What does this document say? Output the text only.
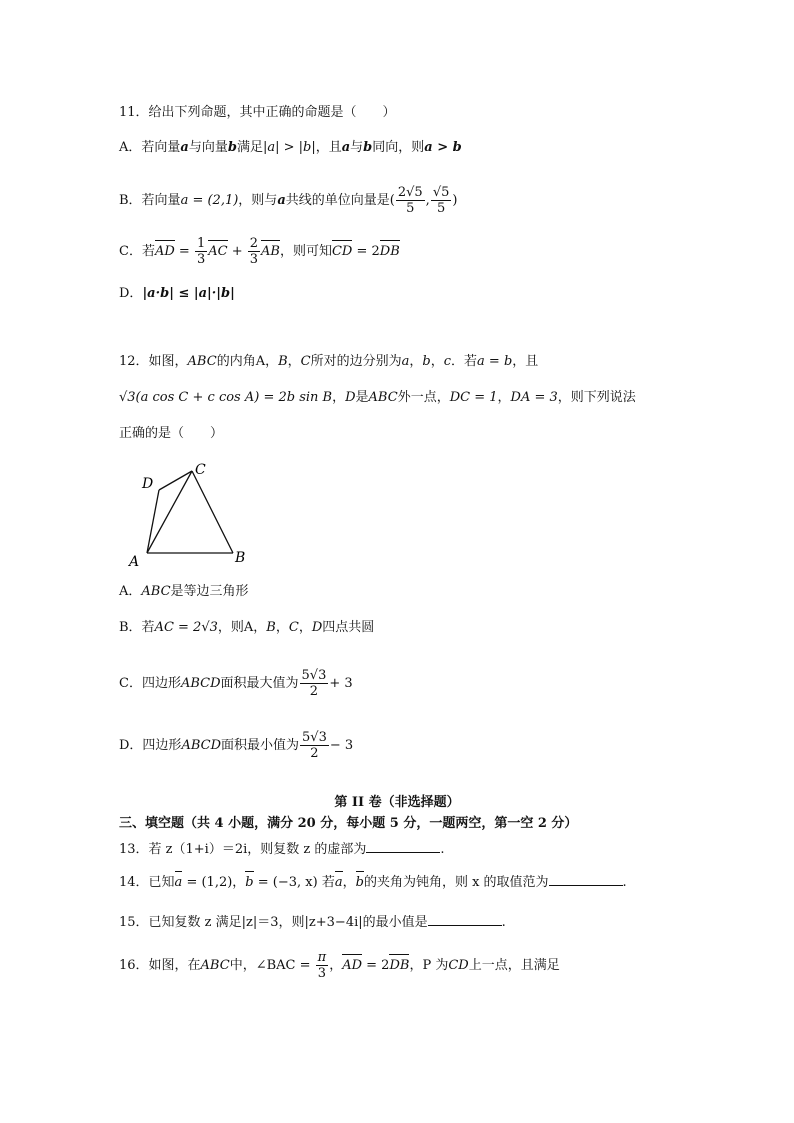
11．给出下列命题，其中正确的命题是（　　）
A．若向量a与向量b满足|a| > |b|，且a与b同向，则a > b
B．若向量a = (2,1)，则与a共线的单位向量是( $\frac{2√5}{5}$ , $\frac{√5}{5}$ )
C．若AD = $\frac{1}{3}$ AC + $\frac{2}{3}$ AB，则可知CD = 2DB
D．|a·b| ≤ |a|·|b|
12．如图，ABC的内角A，B，C所对的边分别为a，b，c．若a = b，且
√3(a cos C + c cos A) = 2b sin B，D是ABC外一点，DC = 1，DA = 3，则下列说法
正确的是（　　）
D
C
A	B
A．ABC是等边三角形
B．若AC = 2√3，则A，B，C，D四点共圆
C．四边形ABCD面积最大值为 $\frac{5√3}{2} + 3$
D．四边形ABCD面积最小值为 $\frac{5√3}{2} - 3$
第 II 卷（非选择题）
三、填空题（共 4 小题，满分 20 分，每小题 5 分，一题两空，第一空 2 分）
13．若 z（1+i）＝2i，则复数 z 的虚部为	.
14．已知a = (1,2)，b = (−3, x) 若a，b的夹角为钝角，则 x 的取值范为	.
15．已知复数 z 满足|z|＝3，则|z+3−4i|的最小值是	.
16．如图，在ABC中，∠BAC = $\frac{\pi}{3}$ ，AD = 2DB，P 为CD上一点，且满足
